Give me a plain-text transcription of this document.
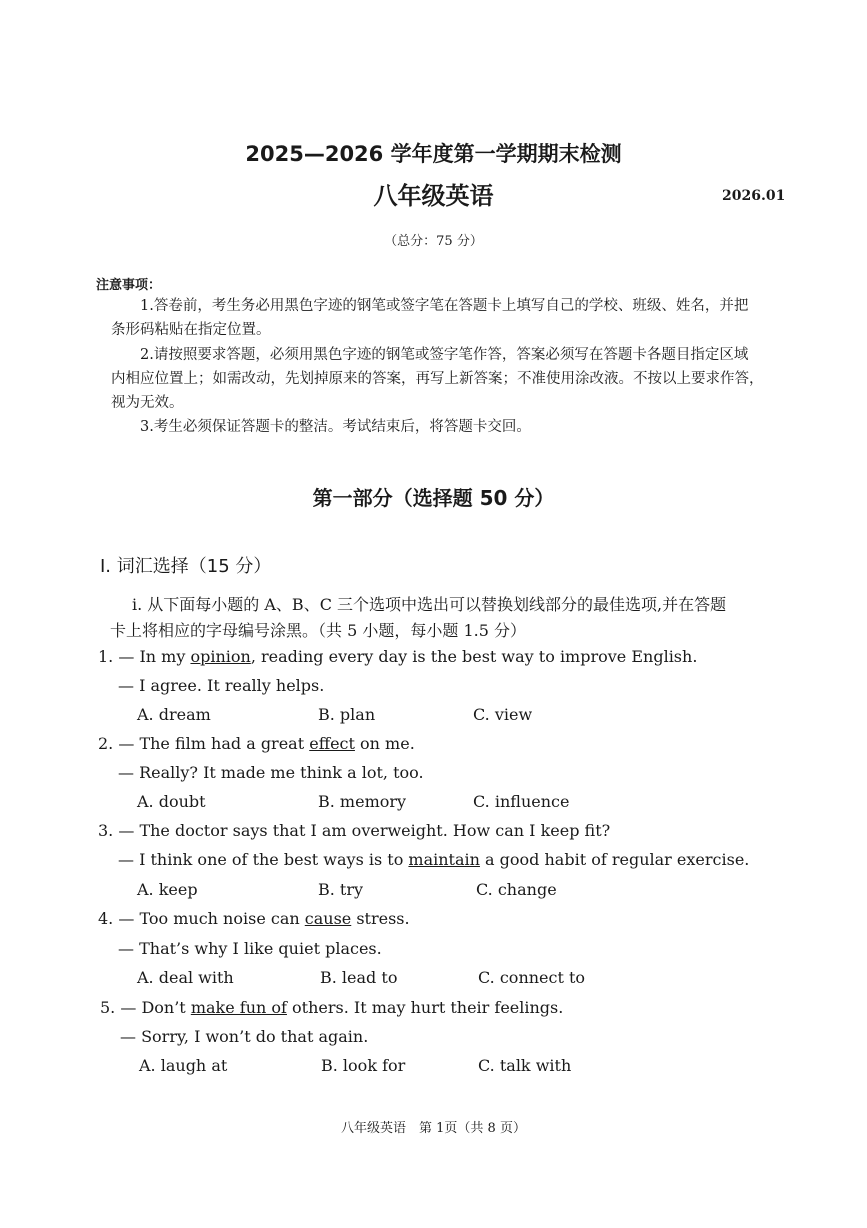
2025—2026 学年度第一学期期末检测
八年级英语	2026.01
（总分：75 分）
注意事项：
1.答卷前，考生务必用黑色字迹的钢笔或签字笔在答题卡上填写自己的学校、班级、姓名，并把
条形码粘贴在指定位置。
2.请按照要求答题，必须用黑色字迹的钢笔或签字笔作答，答案必须写在答题卡各题目指定区域
内相应位置上；如需改动，先划掉原来的答案，再写上新答案；不准使用涂改液。不按以上要求作答，
视为无效。
3.考生必须保证答题卡的整洁。考试结束后，将答题卡交回。
第一部分（选择题 50 分）
Ⅰ. 词汇选择（15 分）
i. 从下面每小题的 A、B、C 三个选项中选出可以替换划线部分的最佳选项,并在答题
卡上将相应的字母编号涂黑。（共 5 小题，每小题 1.5 分）
1. — In my opinion, reading every day is the best way to improve English.
— I agree. It really helps.
A. dream	B. plan	C. view
2. — The film had a great effect on me.
— Really? It made me think a lot, too.
A. doubt	B. memory	C. influence
3. — The doctor says that I am overweight. How can I keep fit?
— I think one of the best ways is to maintain a good habit of regular exercise.
A. keep	B. try	C. change
4. — Too much noise can cause stress.
— That’s why I like quiet places.
A. deal with	B. lead to	C. connect to
5. — Don’t make fun of others. It may hurt their feelings.
— Sorry, I won’t do that again.
A. laugh at	B. look for	C. talk with
八年级英语　第 1页（共 8 页）
